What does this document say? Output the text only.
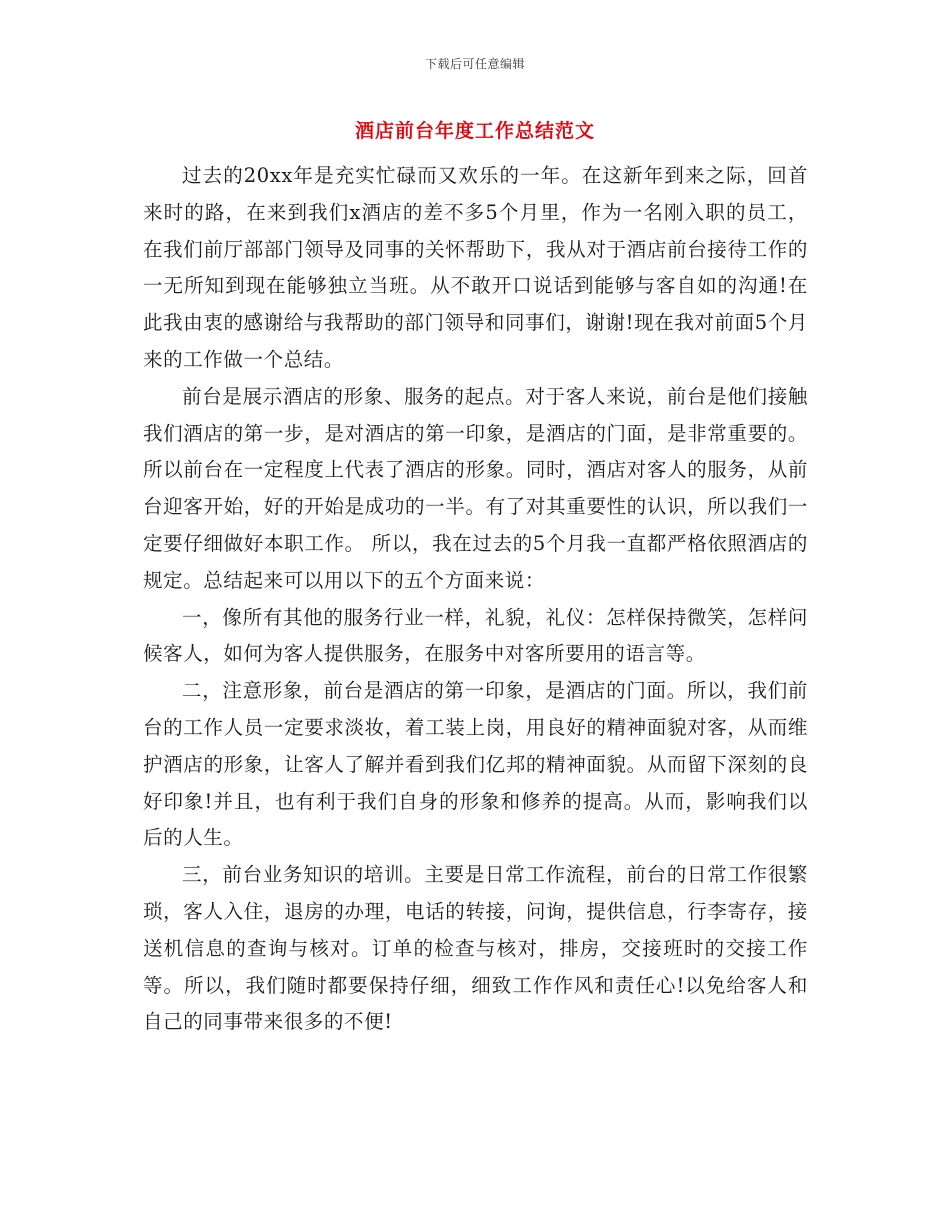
下载后可任意编辑
酒店前台年度工作总结范文

过去的20xx年是充实忙碌而又欢乐的一年。在这新年到来之际，回首来时的路，在来到我们x酒店的差不多5个月里，作为一名刚入职的员工，在我们前厅部部门领导及同事的关怀帮助下，我从对于酒店前台接待工作的一无所知到现在能够独立当班。从不敢开口说话到能够与客自如的沟通!在此我由衷的感谢给与我帮助的部门领导和同事们，谢谢!现在我对前面5个月来的工作做一个总结。

前台是展示酒店的形象、服务的起点。对于客人来说，前台是他们接触我们酒店的第一步，是对酒店的第一印象，是酒店的门面，是非常重要的。所以前台在一定程度上代表了酒店的形象。同时，酒店对客人的服务，从前台迎客开始，好的开始是成功的一半。有了对其重要性的认识，所以我们一定要仔细做好本职工作。 所以，我在过去的5个月我一直都严格依照酒店的规定。总结起来可以用以下的五个方面来说：

一，像所有其他的服务行业一样，礼貌，礼仪：怎样保持微笑，怎样问候客人，如何为客人提供服务，在服务中对客所要用的语言等。

二，注意形象，前台是酒店的第一印象，是酒店的门面。所以，我们前台的工作人员一定要求淡妆，着工装上岗，用良好的精神面貌对客，从而维护酒店的形象，让客人了解并看到我们亿邦的精神面貌。从而留下深刻的良好印象!并且，也有利于我们自身的形象和修养的提高。从而，影响我们以后的人生。

三，前台业务知识的培训。主要是日常工作流程，前台的日常工作很繁琐，客人入住，退房的办理，电话的转接，问询，提供信息，行李寄存，接送机信息的查询与核对。订单的检查与核对，排房，交接班时的交接工作等。所以，我们随时都要保持仔细，细致工作作风和责任心!以免给客人和自己的同事带来很多的不便!
